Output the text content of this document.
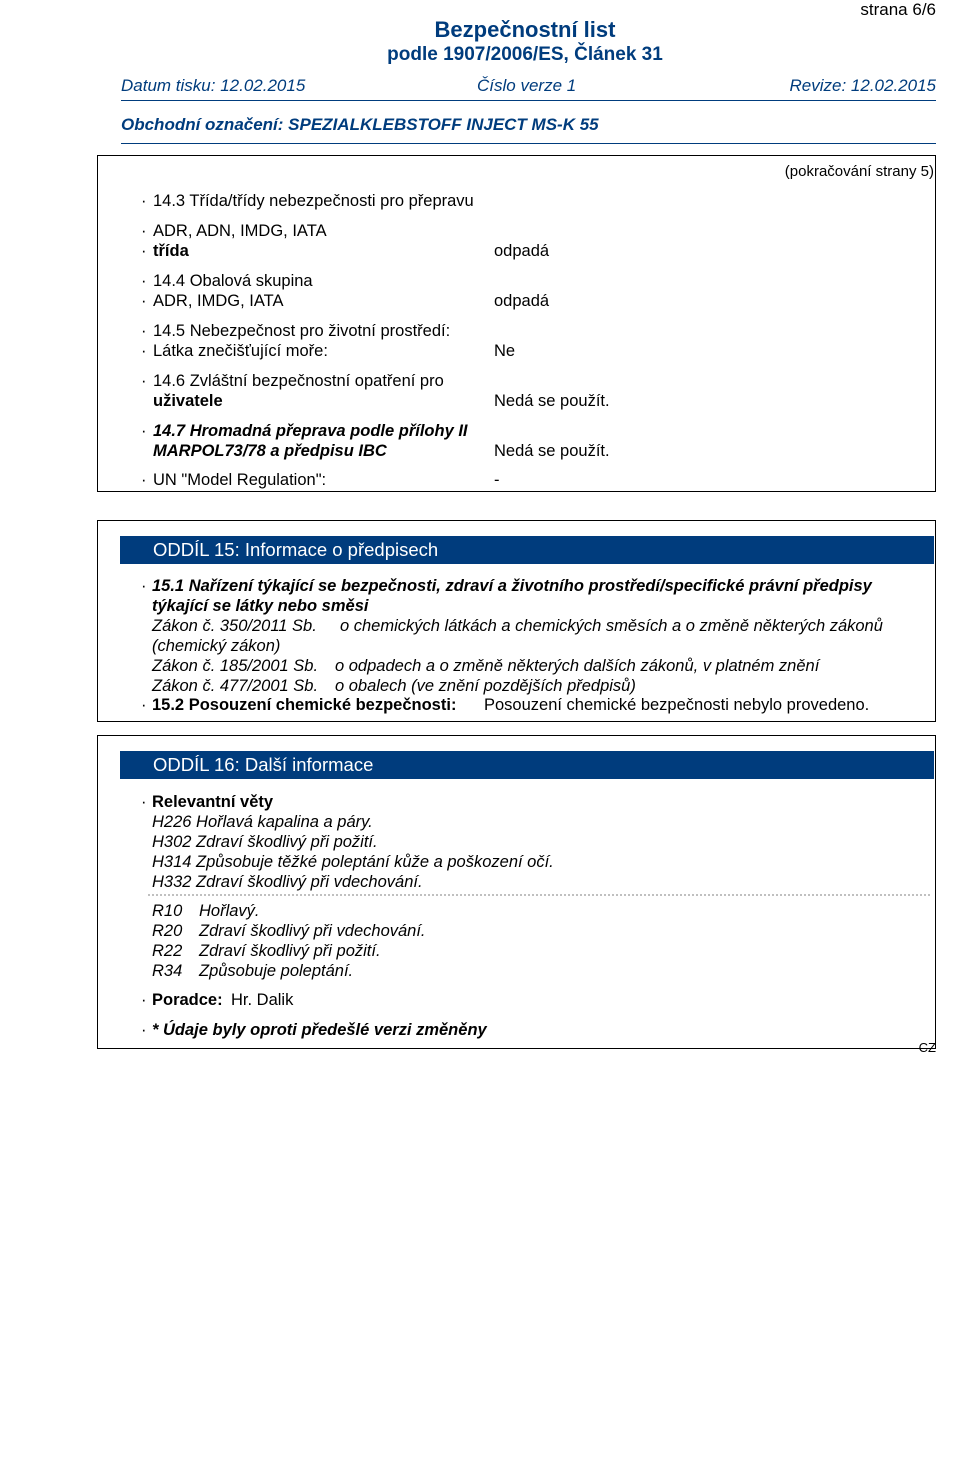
strana 6/6
Bezpečnostní list
podle 1907/2006/ES, Článek 31
Datum tisku: 12.02.2015	Číslo verze 1	Revize: 12.02.2015
Obchodní označení: SPEZIALKLEBSTOFF INJECT MS-K 55
(pokračování strany 5)
· 14.3 Třída/třídy nebezpečnosti pro přepravu
· ADR, ADN, IMDG, IATA
· třída	odpadá
· 14.4 Obalová skupina
· ADR, IMDG, IATA	odpadá
· 14.5 Nebezpečnost pro životní prostředí:
· Látka znečišťující moře:	Ne
· 14.6 Zvláštní bezpečnostní opatření pro
uživatele	Nedá se použít.
· 14.7 Hromadná přeprava podle přílohy II
MARPOL73/78 a předpisu IBC	Nedá se použít.
· UN "Model Regulation":	-
ODDÍL 15: Informace o předpisech
· 15.1 Nařízení týkající se bezpečnosti, zdraví a životního prostředí/specifické právní předpisy
týkající se látky nebo směsi
Zákon č. 350/2011 Sb. o chemických látkách a chemických směsích a o změně některých zákonů
(chemický zákon)
Zákon č. 185/2001 Sb. o odpadech a o změně některých dalších zákonů, v platném znění
Zákon č. 477/2001 Sb. o obalech (ve znění pozdějších předpisů)
· 15.2 Posouzení chemické bezpečnosti: Posouzení chemické bezpečnosti nebylo provedeno.
ODDÍL 16: Další informace
· Relevantní věty
H226 Hořlavá kapalina a páry.
H302 Zdraví škodlivý při požití.
H314 Způsobuje těžké poleptání kůže a poškození očí.
H332 Zdraví škodlivý při vdechování.
R10 Hořlavý.
R20 Zdraví škodlivý při vdechování.
R22 Zdraví škodlivý při požití.
R34 Způsobuje poleptání.
· Poradce: Hr. Dalik
· * Údaje byly oproti předešlé verzi změněny
CZ
